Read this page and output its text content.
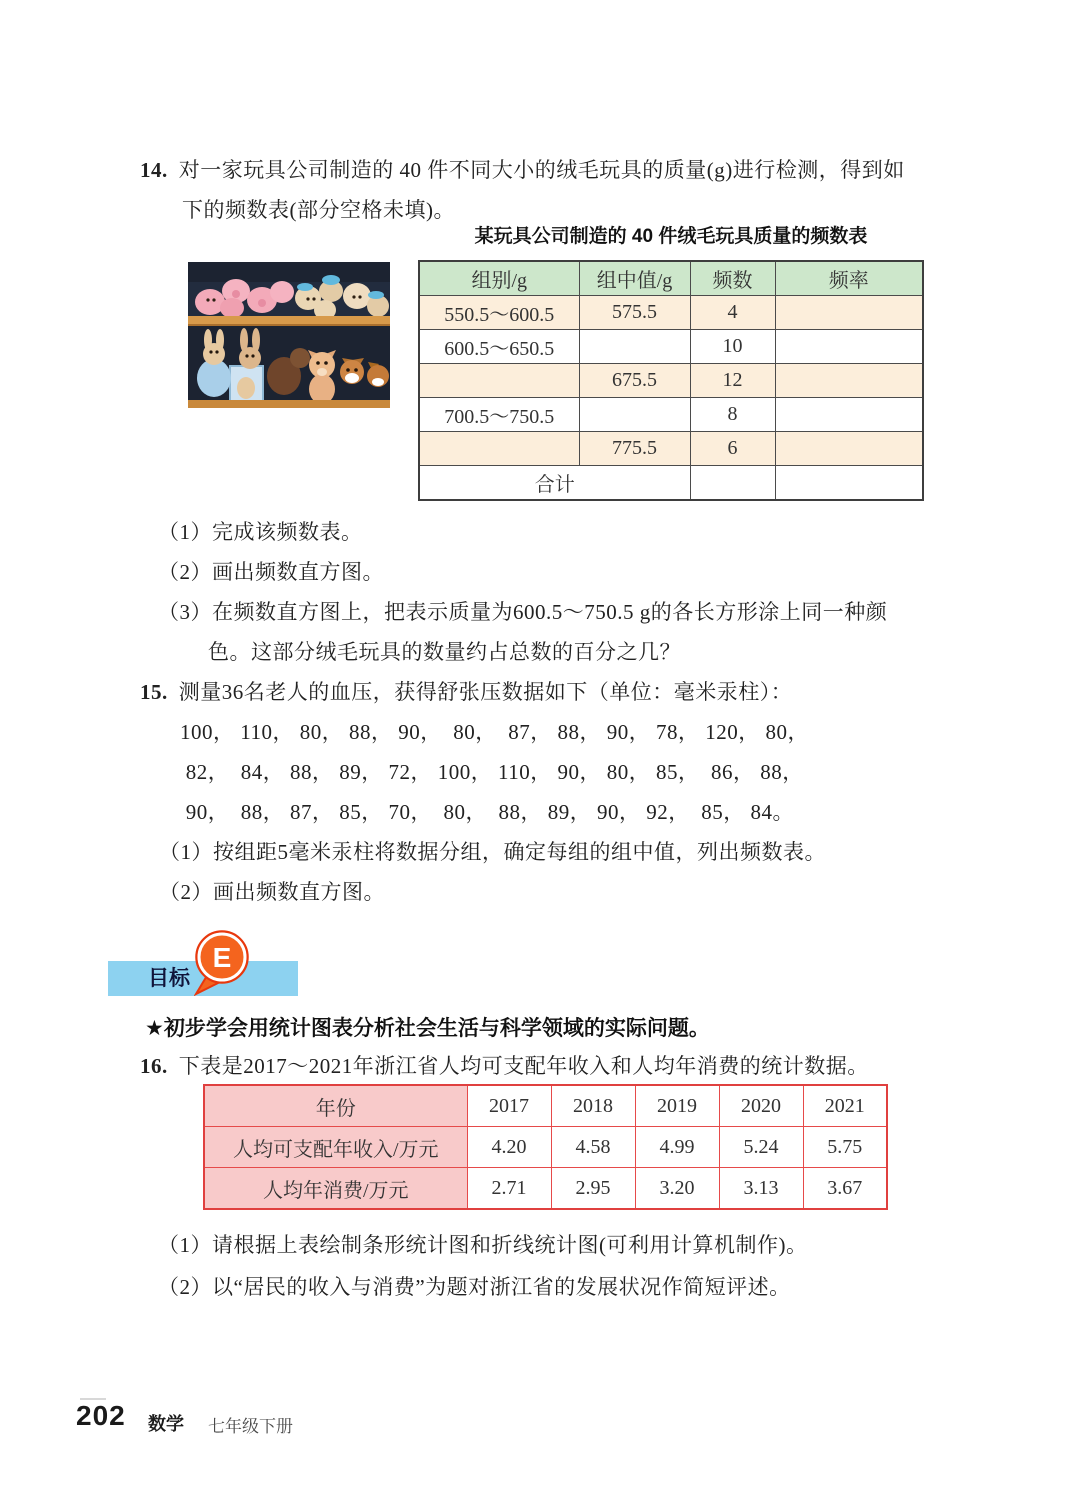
14. 对一家玩具公司制造的 40 件不同大小的绒毛玩具的质量(g)进行检测，得到如
下的频数表(部分空格未填)。
某玩具公司制造的 40 件绒毛玩具质量的频数表
组别/g	组中值/g	频数	频率
550.5～600.5	575.5	4	
600.5～650.5		10	
	675.5	12	
700.5～750.5		8	
	775.5	6	
合计			
（1）完成该频数表。
（2）画出频数直方图。
（3）在频数直方图上，把表示质量为600.5～750.5 g的各长方形涂上同一种颜
色。这部分绒毛玩具的数量约占总数的百分之几？
15. 测量36名老人的血压，获得舒张压数据如下（单位：毫米汞柱）：
100， 110， 80， 88， 90，  80，  87， 88， 90， 78， 120， 80，
82，  84， 88， 89， 72， 100， 110， 90， 80， 85，  86， 88，
90，  88， 87， 85， 70，  80，  88， 89， 90， 92，  85， 84。
（1）按组距5毫米汞柱将数据分组，确定每组的组中值，列出频数表。
（2）画出频数直方图。
目标
E
★初步学会用统计图表分析社会生活与科学领域的实际问题。
16. 下表是2017～2021年浙江省人均可支配年收入和人均年消费的统计数据。
年份	2017	2018	2019	2020	2021
人均可支配年收入/万元	4.20	4.58	4.99	5.24	5.75
人均年消费/万元	2.71	2.95	3.20	3.13	3.67
（1）请根据上表绘制条形统计图和折线统计图(可利用计算机制作)。
（2）以“居民的收入与消费”为题对浙江省的发展状况作简短评述。
202 数学 七年级下册
